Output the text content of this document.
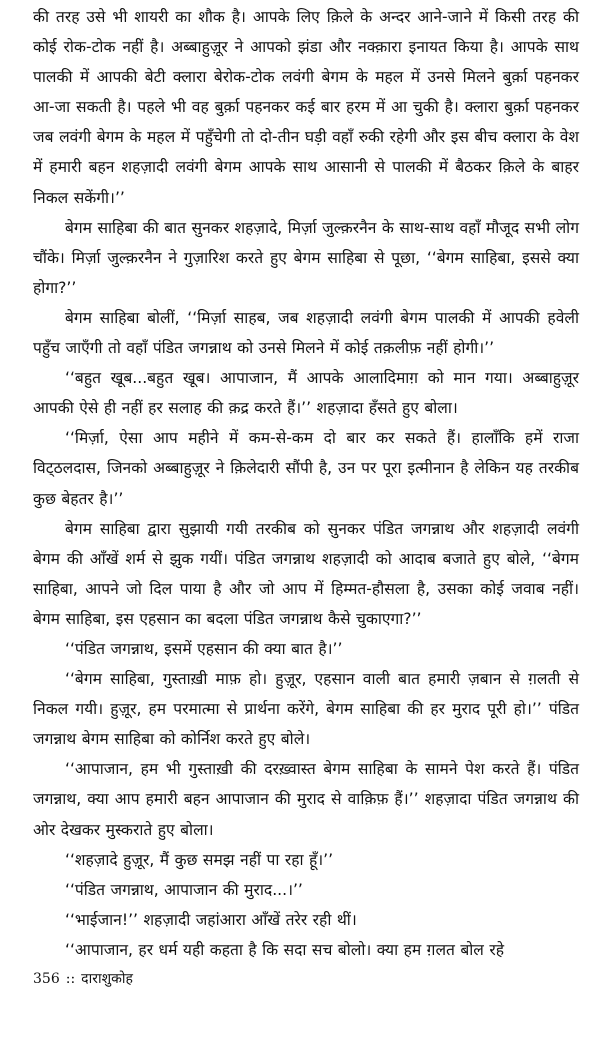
की तरह उसे भी शायरी का शौक है। आपके लिए क़िले के अन्दर आने-जाने में किसी तरह की कोई रोक-टोक नहीं है। अब्बाहुज़ूर ने आपको झंडा और नक्क़ारा इनायत किया है। आपके साथ पालकी में आपकी बेटी क्लारा बेरोक-टोक लवंगी बेगम के महल में उनसे मिलने बुर्क़ा पहनकर आ-जा सकती है। पहले भी वह बुर्क़ा पहनकर कई बार हरम में आ चुकी है। क्लारा बुर्क़ा पहनकर जब लवंगी बेगम के महल में पहुँचेगी तो दो-तीन घड़ी वहाँ रुकी रहेगी और इस बीच क्लारा के वेश में हमारी बहन शहज़ादी लवंगी बेगम आपके साथ आसानी से पालकी में बैठकर क़िले के बाहर निकल सकेंगी।’’

बेगम साहिबा की बात सुनकर शहज़ादे, मिर्ज़ा जुल्क़रनैन के साथ-साथ वहाँ मौजूद सभी लोग चौंके। मिर्ज़ा जुल्क़रनैन ने गुज़ारिश करते हुए बेगम साहिबा से पूछा, ‘‘बेगम साहिबा, इससे क्या होगा?’’

बेगम साहिबा बोलीं, ‘‘मिर्ज़ा साहब, जब शहज़ादी लवंगी बेगम पालकी में आपकी हवेली पहुँच जाएँगी तो वहाँ पंडित जगन्नाथ को उनसे मिलने में कोई तक़लीफ़ नहीं होगी।’’

‘‘बहुत खूब...बहुत खूब। आपाजान, मैं आपके आलादिमाग़ को मान गया। अब्बाहुज़ूर आपकी ऐसे ही नहीं हर सलाह की क़द्र करते हैं।’’ शहज़ादा हँसते हुए बोला।

‘‘मिर्ज़ा, ऐसा आप महीने में कम-से-कम दो बार कर सकते हैं। हालाँकि हमें राजा विट्‌ठलदास, जिनको अब्बाहुज़ूर ने क़िलेदारी सौंपी है, उन पर पूरा इत्मीनान है लेकिन यह तरकीब कुछ बेहतर है।’’

बेगम साहिबा द्वारा सुझायी गयी तरकीब को सुनकर पंडित जगन्नाथ और शहज़ादी लवंगी बेगम की आँखें शर्म से झुक गयीं। पंडित जगन्नाथ शहज़ादी को आदाब बजाते हुए बोले, ‘‘बेगम साहिबा, आपने जो दिल पाया है और जो आप में हिम्मत-हौसला है, उसका कोई जवाब नहीं। बेगम साहिबा, इस एहसान का बदला पंडित जगन्नाथ कैसे चुकाएगा?’’

‘‘पंडित जगन्नाथ, इसमें एहसान की क्या बात है।’’

‘‘बेगम साहिबा, गुस्ताख़ी माफ़ हो। हुज़ूर, एहसान वाली बात हमारी ज़बान से ग़लती से निकल गयी। हुज़ूर, हम परमात्मा से प्रार्थना करेंगे, बेगम साहिबा की हर मुराद पूरी हो।’’ पंडित जगन्नाथ बेगम साहिबा को कोर्निश करते हुए बोले।

‘‘आपाजान, हम भी गुस्ताख़ी की दरख़्वास्त बेगम साहिबा के सामने पेश करते हैं। पंडित जगन्नाथ, क्या आप हमारी बहन आपाजान की मुराद से वाक़िफ़ हैं।’’ शहज़ादा पंडित जगन्नाथ की ओर देखकर मुस्कराते हुए बोला।

‘‘शहज़ादे हुज़ूर, मैं कुछ समझ नहीं पा रहा हूँ।’’

‘‘पंडित जगन्नाथ, आपाजान की मुराद...।’’

‘‘भाईजान!’’ शहज़ादी जहांआरा आँखें तरेर रही थीं।

‘‘आपाजान, हर धर्म यही कहता है कि सदा सच बोलो। क्या हम ग़लत बोल रहे

356 :: दाराशुकोह
